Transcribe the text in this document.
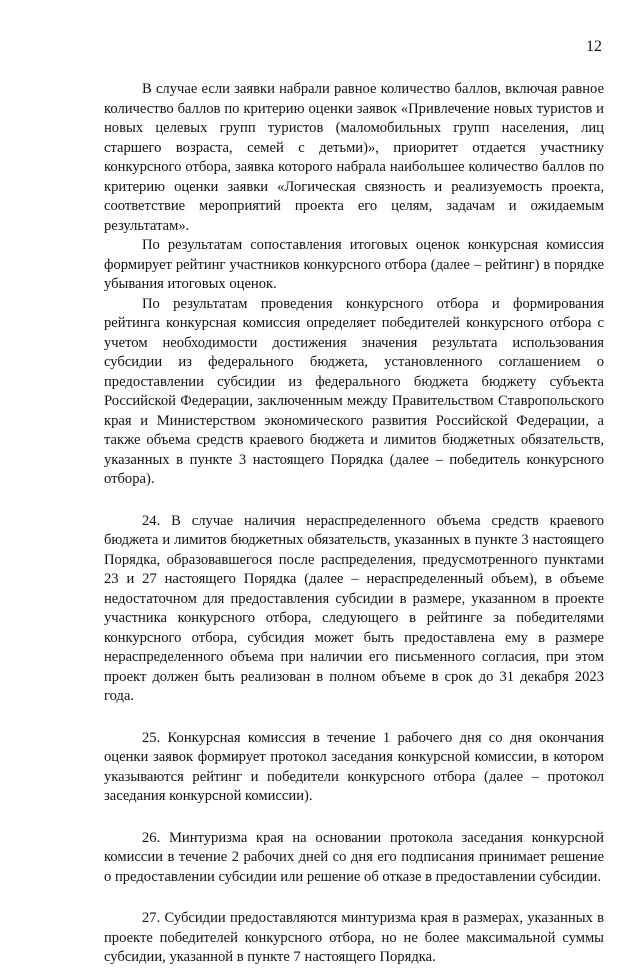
12

В случае если заявки набрали равное количество баллов, включая равное количество баллов по критерию оценки заявок «Привлечение новых туристов и новых целевых групп туристов (маломобильных групп населения, лиц старшего возраста, семей с детьми)», приоритет отдается участнику конкурсного отбора, заявка которого набрала наибольшее количество баллов по критерию оценки заявки «Логическая связность и реализуемость проекта, соответствие мероприятий проекта его целям, задачам и ожидаемым результатам».

По результатам сопоставления итоговых оценок конкурсная комиссия формирует рейтинг участников конкурсного отбора (далее – рейтинг) в порядке убывания итоговых оценок.

По результатам проведения конкурсного отбора и формирования рейтинга конкурсная комиссия определяет победителей конкурсного отбора с учетом необходимости достижения значения результата использования субсидии из федерального бюджета, установленного соглашением о предоставлении субсидии из федерального бюджета бюджету субъекта Российской Федерации, заключенным между Правительством Ставропольского края и Министерством экономического развития Российской Федерации, а также объема средств краевого бюджета и лимитов бюджетных обязательств, указанных в пункте 3 настоящего Порядка (далее – победитель конкурсного отбора).

24. В случае наличия нераспределенного объема средств краевого бюджета и лимитов бюджетных обязательств, указанных в пункте 3 настоящего Порядка, образовавшегося после распределения, предусмотренного пунктами 23 и 27 настоящего Порядка (далее – нераспределенный объем), в объеме недостаточном для предоставления субсидии в размере, указанном в проекте участника конкурсного отбора, следующего в рейтинге за победителями конкурсного отбора, субсидия может быть предоставлена ему в размере нераспределенного объема при наличии его письменного согласия, при этом проект должен быть реализован в полном объеме в срок до 31 декабря 2023 года.

25. Конкурсная комиссия в течение 1 рабочего дня со дня окончания оценки заявок формирует протокол заседания конкурсной комиссии, в котором указываются рейтинг и победители конкурсного отбора (далее – протокол заседания конкурсной комиссии).

26. Минтуризма края на основании протокола заседания конкурсной комиссии в течение 2 рабочих дней со дня его подписания принимает решение о предоставлении субсидии или решение об отказе в предоставлении субсидии.

27. Субсидии предоставляются минтуризма края в размерах, указанных в проекте победителей конкурсного отбора, но не более максимальной суммы субсидии, указанной в пункте 7 настоящего Порядка.
